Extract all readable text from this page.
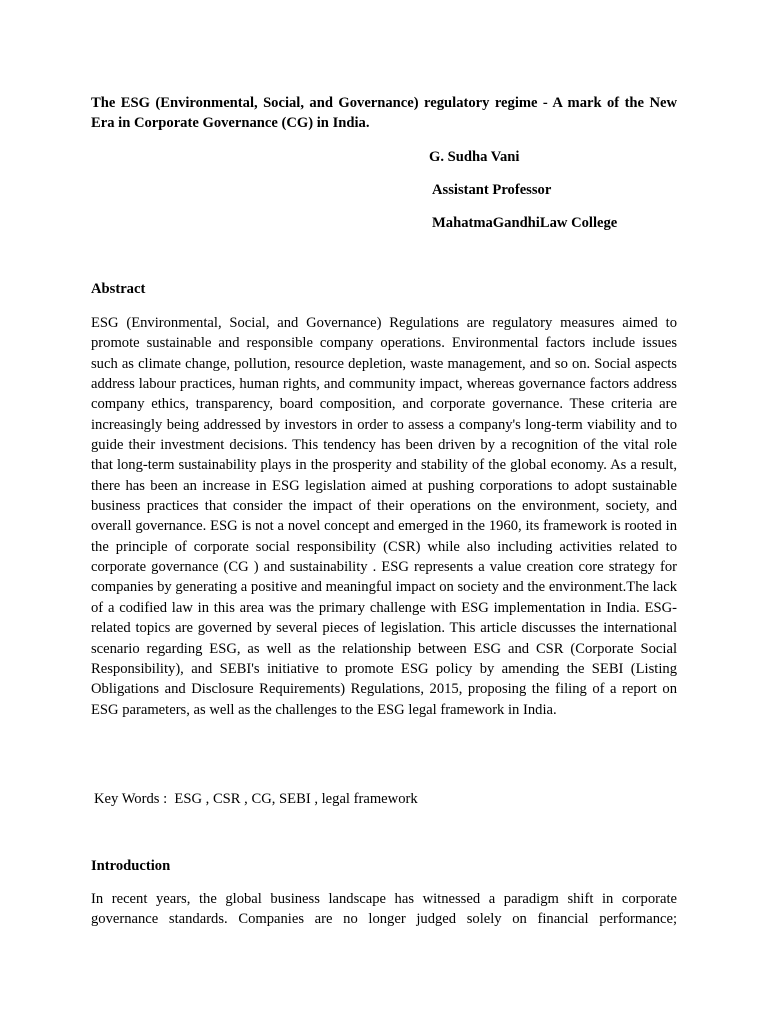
The ESG (Environmental, Social, and Governance) regulatory regime - A mark of the New Era in Corporate Governance (CG) in India.

G. Sudha Vani

Assistant Professor

MahatmaGandhiLaw College

Abstract

ESG (Environmental, Social, and Governance) Regulations are regulatory measures aimed to promote sustainable and responsible company operations. Environmental factors include issues such as climate change, pollution, resource depletion, waste management, and so on. Social aspects address labour practices, human rights, and community impact, whereas governance factors address company ethics, transparency, board composition, and corporate governance. These criteria are increasingly being addressed by investors in order to assess a company's long-term viability and to guide their investment decisions. This tendency has been driven by a recognition of the vital role that long-term sustainability plays in the prosperity and stability of the global economy. As a result, there has been an increase in ESG legislation aimed at pushing corporations to adopt sustainable business practices that consider the impact of their operations on the environment, society, and overall governance. ESG is not a novel concept and emerged in the 1960, its framework is rooted in the principle of corporate social responsibility (CSR) while also including activities related to corporate governance (CG ) and sustainability . ESG represents a value creation core strategy for companies by generating a positive and meaningful impact on society and the environment.The lack of a codified law in this area was the primary challenge with ESG implementation in India. ESG-related topics are governed by several pieces of legislation. This article discusses the international scenario regarding ESG, as well as the relationship between ESG and CSR (Corporate Social Responsibility), and SEBI's initiative to promote ESG policy by amending the SEBI (Listing Obligations and Disclosure Requirements) Regulations, 2015, proposing the filing of a report on ESG parameters, as well as the challenges to the ESG legal framework in India.

Key Words :  ESG , CSR , CG, SEBI , legal framework

Introduction

In recent years, the global business landscape has witnessed a paradigm shift in corporate governance standards. Companies are no longer judged solely on financial performance;
